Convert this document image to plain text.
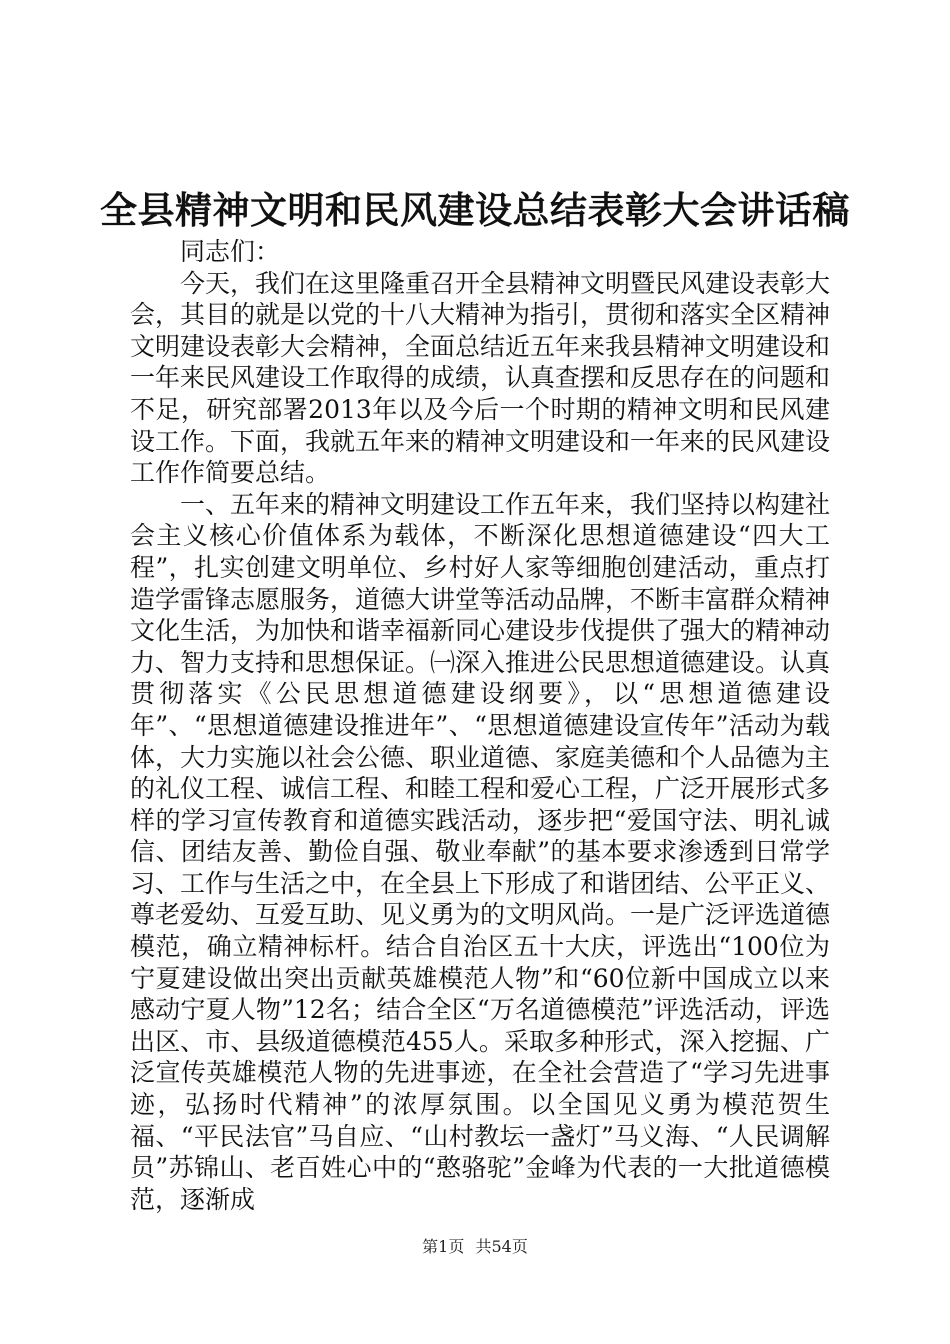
全县精神文明和民风建设总结表彰大会讲话稿

同志们：

今天，我们在这里隆重召开全县精神文明暨民风建设表彰大会，其目的就是以党的十八大精神为指引，贯彻和落实全区精神文明建设表彰大会精神，全面总结近五年来我县精神文明建设和一年来民风建设工作取得的成绩，认真查摆和反思存在的问题和不足，研究部署2013年以及今后一个时期的精神文明和民风建设工作。下面，我就五年来的精神文明建设和一年来的民风建设工作作简要总结。

一、五年来的精神文明建设工作五年来，我们坚持以构建社会主义核心价值体系为载体，不断深化思想道德建设“四大工程”，扎实创建文明单位、乡村好人家等细胞创建活动，重点打造学雷锋志愿服务，道德大讲堂等活动品牌，不断丰富群众精神文化生活，为加快和谐幸福新同心建设步伐提供了强大的精神动力、智力支持和思想保证。㈠深入推进公民思想道德建设。认真贯彻落实《公民思想道德建设纲要》，以“思想道德建设年”、“思想道德建设推进年”、“思想道德建设宣传年”活动为载体，大力实施以社会公德、职业道德、家庭美德和个人品德为主的礼仪工程、诚信工程、和睦工程和爱心工程，广泛开展形式多样的学习宣传教育和道德实践活动，逐步把“爱国守法、明礼诚信、团结友善、勤俭自强、敬业奉献”的基本要求渗透到日常学习、工作与生活之中，在全县上下形成了和谐团结、公平正义、尊老爱幼、互爱互助、见义勇为的文明风尚。一是广泛评选道德模范，确立精神标杆。结合自治区五十大庆，评选出“100位为宁夏建设做出突出贡献英雄模范人物”和“60位新中国成立以来感动宁夏人物”12名；结合全区“万名道德模范”评选活动，评选出区、市、县级道德模范455人。采取多种形式，深入挖掘、广泛宣传英雄模范人物的先进事迹，在全社会营造了“学习先进事迹，弘扬时代精神”的浓厚氛围。以全国见义勇为模范贺生福、“平民法官”马自应、“山村教坛一盏灯”马义海、“人民调解员”苏锦山、老百姓心中的“憨骆驼”金峰为代表的一大批道德模范，逐渐成

第1页 共54页
